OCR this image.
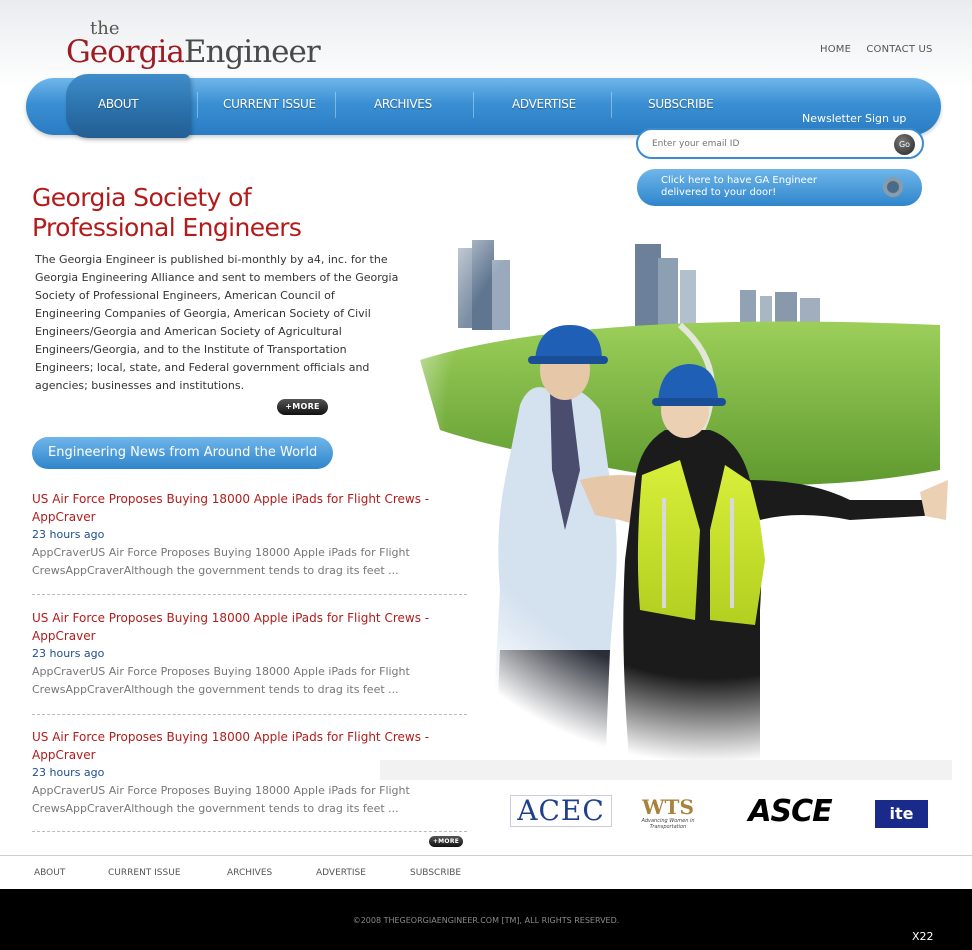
the
GeorgiaEngineer	HOME CONTACT US
ABOUT	CURRENT ISSUE	ARCHIVES	ADVERTISE	SUBSCRIBE
Newsletter Sign up
Enter your email ID
Go
Click here to have GA Engineer delivered to your door!
Georgia Society of Professional Engineers
The Georgia Engineer is published bi-monthly by a4, inc. for the Georgia Engineering Alliance and sent to members of the Georgia Society of Professional Engineers, American Council of Engineering Companies of Georgia, American Society of Civil Engineers/Georgia and American Society of Agricultural Engineers/Georgia, and to the Institute of Transportation Engineers; local, state, and Federal government officials and agencies; businesses and institutions.
+MORE
Engineering News from Around the World
US Air Force Proposes Buying 18000 Apple iPads for Flight Crews - AppCraver
23 hours ago
AppCraverUS Air Force Proposes Buying 18000 Apple iPads for Flight CrewsAppCraverAlthough the government tends to drag its feet ...
US Air Force Proposes Buying 18000 Apple iPads for Flight Crews - AppCraver
23 hours ago
AppCraverUS Air Force Proposes Buying 18000 Apple iPads for Flight CrewsAppCraverAlthough the government tends to drag its feet ...
US Air Force Proposes Buying 18000 Apple iPads for Flight Crews - AppCraver
23 hours ago
AppCraverUS Air Force Proposes Buying 18000 Apple iPads for Flight CrewsAppCraverAlthough the government tends to drag its feet ...
+MORE
ACEC	WTS
Advancing Women in Transportation	ASCE	ite
ABOUT	CURRENT ISSUE	ARCHIVES	ADVERTISE	SUBSCRIBE
©2008 THEGEORGIAENGINEER.COM [TM], ALL RIGHTS RESERVED.
X22
